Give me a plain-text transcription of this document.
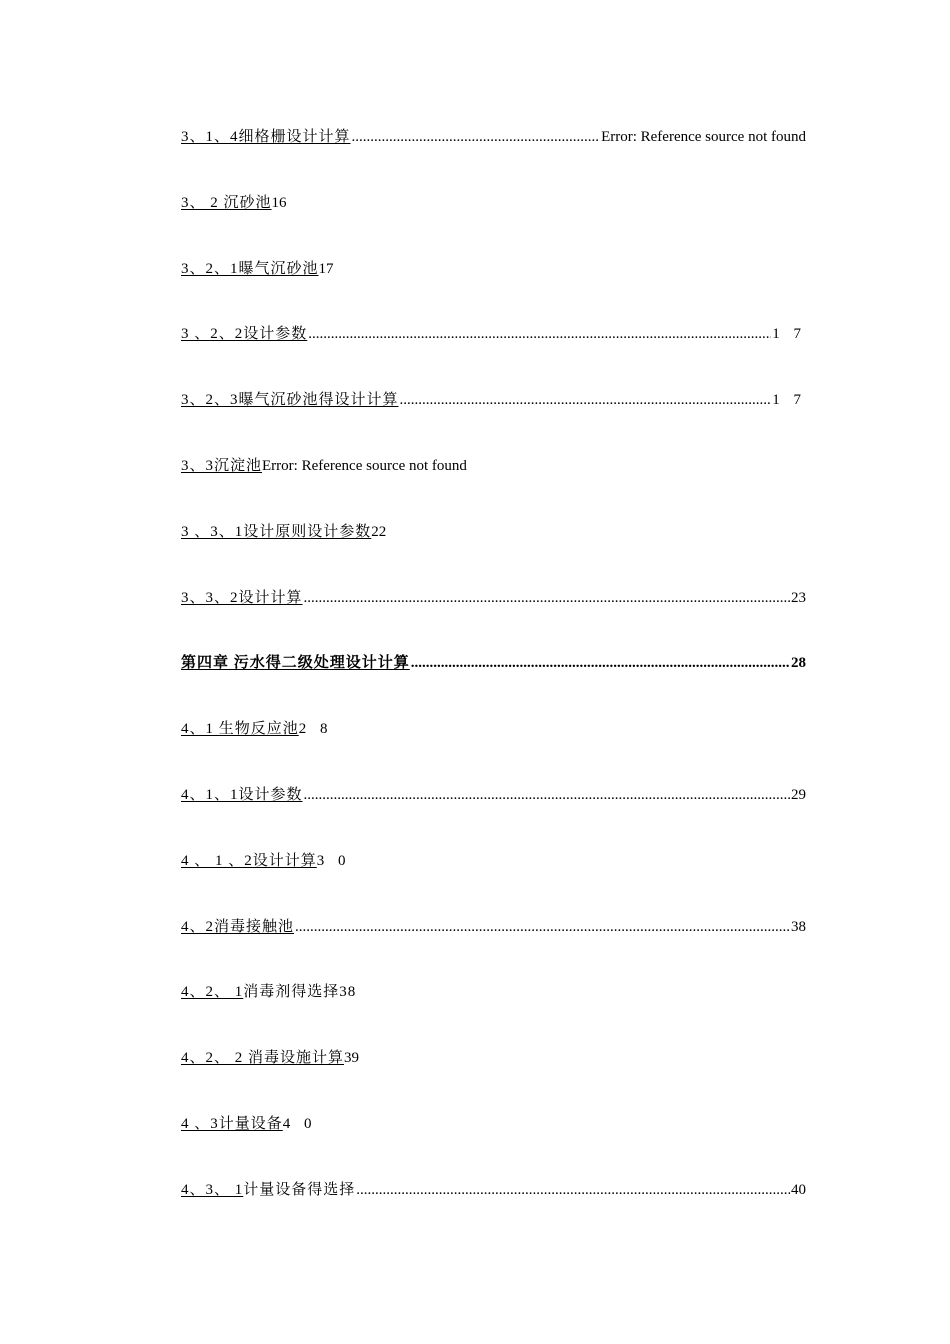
3、1、4细格栅设计计算 .....	Error: Reference source not found
3、 2 沉砂池 16
3、2、1曝气沉砂池 17
3 、2、2设计参数 .....	1 7
3、2、3曝气沉砂池得设计计算 .....	1 7
3、3沉淀池 Error: Reference source not found
3 、3、1设计原则设计参数 22
3、3、2设计计算 .....	23
第四章 污水得二级处理设计计算 .....	28
4、1 生物反应池 2 8
4、1、1设计参数 .....	29
4 、 1 、2设计计算 3 0
4、2消毒接触池 .....	38
4、2、 1 消毒剂得选择38
4、2、 2 消毒设施计算 39
4 、3计量设备 4 0
4、3、 1 计量设备得选择 .....	40
